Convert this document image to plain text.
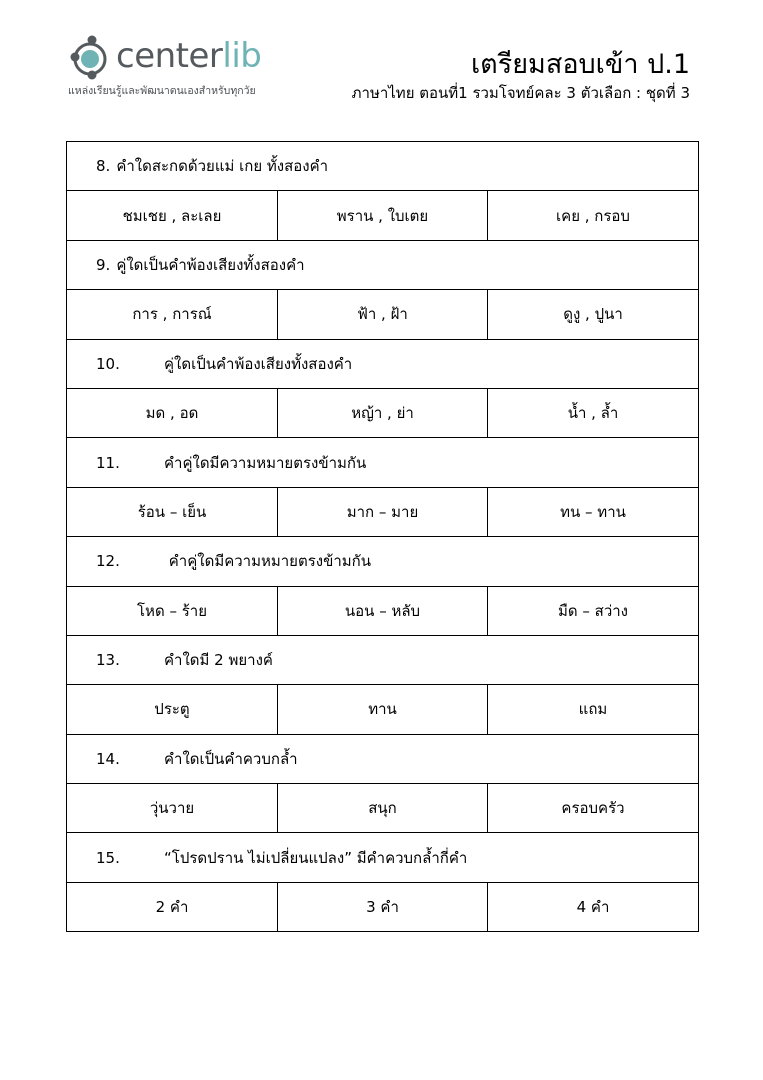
centerlib
แหล่งเรียนรู้และพัฒนาตนเองสำหรับทุกวัย
เตรียมสอบเข้า ป.1
ภาษาไทย ตอนที่1 รวมโจทย์คละ 3 ตัวเลือก : ชุดที่ 3
8. คำใดสะกดด้วยแม่ เกย ทั้งสองคำ		
ชมเชย , ละเลย	พราน , ใบเตย	เคย , กรอบ
9. คู่ใดเป็นคำพ้องเสียงทั้งสองคำ		
การ , การณ์	ฟ้า , ฝ้า	ดูงู , ปูนา
10. คู่ใดเป็นคำพ้องเสียงทั้งสองคำ		
มด , อด	หญ้า , ย่า	น้ำ , ล้ำ
11. คำคู่ใดมีความหมายตรงข้ามกัน		
ร้อน – เย็น	มาก – มาย	ทน – ทาน
12. คำคู่ใดมีความหมายตรงข้ามกัน		
โหด – ร้าย	นอน – หลับ	มืด – สว่าง
13. คำใดมี 2 พยางค์		
ประตู	ทาน	แถม
14. คำใดเป็นคำควบกล้ำ		
วุ่นวาย	สนุก	ครอบครัว
15. “โปรดปราน ไม่เปลี่ยนแปลง” มีคำควบกล้ำกี่คำ		
2 คำ	3 คำ	4 คำ
